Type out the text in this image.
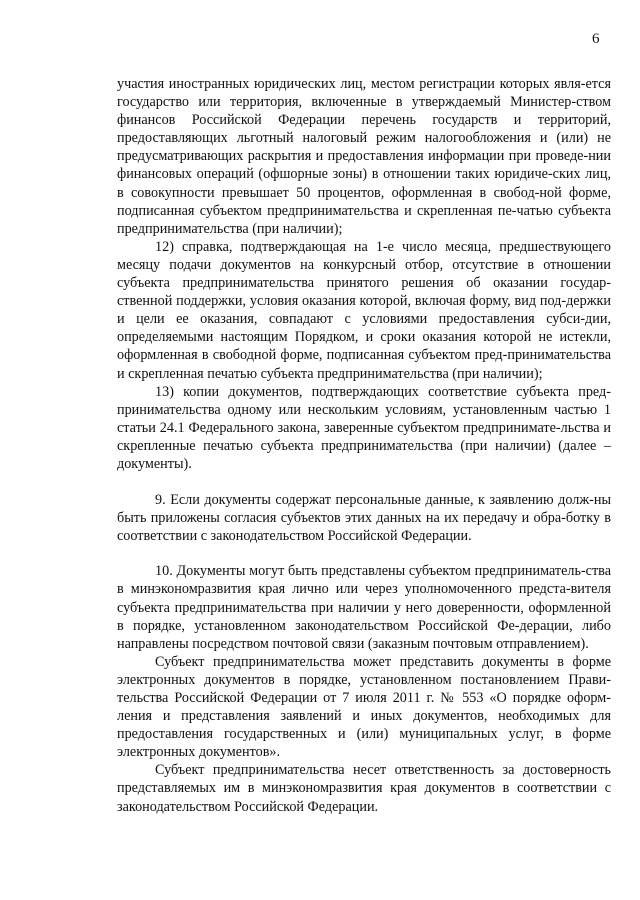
6

участия иностранных юридических лиц, местом регистрации которых явля-ется государство или территория, включенные в утверждаемый Министер-ством финансов Российской Федерации перечень государств и территорий, предоставляющих льготный налоговый режим налогообложения и (или) не предусматривающих раскрытия и предоставления информации при проведе-нии финансовых операций (офшорные зоны) в отношении таких юридиче-ских лиц, в совокупности превышает 50 процентов, оформленная в свобод-ной форме, подписанная субъектом предпринимательства и скрепленная пе-чатью субъекта предпринимательства (при наличии);

12) справка, подтверждающая на 1-е число месяца, предшествующего месяцу подачи документов на конкурсный отбор, отсутствие в отношении субъекта предпринимательства принятого решения об оказании государ-ственной поддержки, условия оказания которой, включая форму, вид под-держки и цели ее оказания, совпадают с условиями предоставления субси-дии, определяемыми настоящим Порядком, и сроки оказания которой не истекли, оформленная в свободной форме, подписанная субъектом пред-принимательства и скрепленная печатью субъекта предпринимательства (при наличии);

13) копии документов, подтверждающих соответствие субъекта пред-принимательства одному или нескольким условиям, установленным частью 1 статьи 24.1 Федерального закона, заверенные субъектом предпринимате-льства и скрепленные печатью субъекта предпринимательства (при наличии) (далее – документы).

9. Если документы содержат персональные данные, к заявлению долж-ны быть приложены согласия субъектов этих данных на их передачу и обра-ботку в соответствии с законодательством Российской Федерации.

10. Документы могут быть представлены субъектом предприниматель-ства в минэкономразвития края лично или через уполномоченного предста-вителя субъекта предпринимательства при наличии у него доверенности, оформленной в порядке, установленном законодательством Российской Фе-дерации, либо направлены посредством почтовой связи (заказным почтовым отправлением).

Субъект предпринимательства может представить документы в форме электронных документов в порядке, установленном постановлением Прави-тельства Российской Федерации от 7 июля 2011 г. № 553 «О порядке оформ-ления и представления заявлений и иных документов, необходимых для предоставления государственных и (или) муниципальных услуг, в форме электронных документов».

Субъект предпринимательства несет ответственность за достоверность представляемых им в минэкономразвития края документов в соответствии с законодательством Российской Федерации.
